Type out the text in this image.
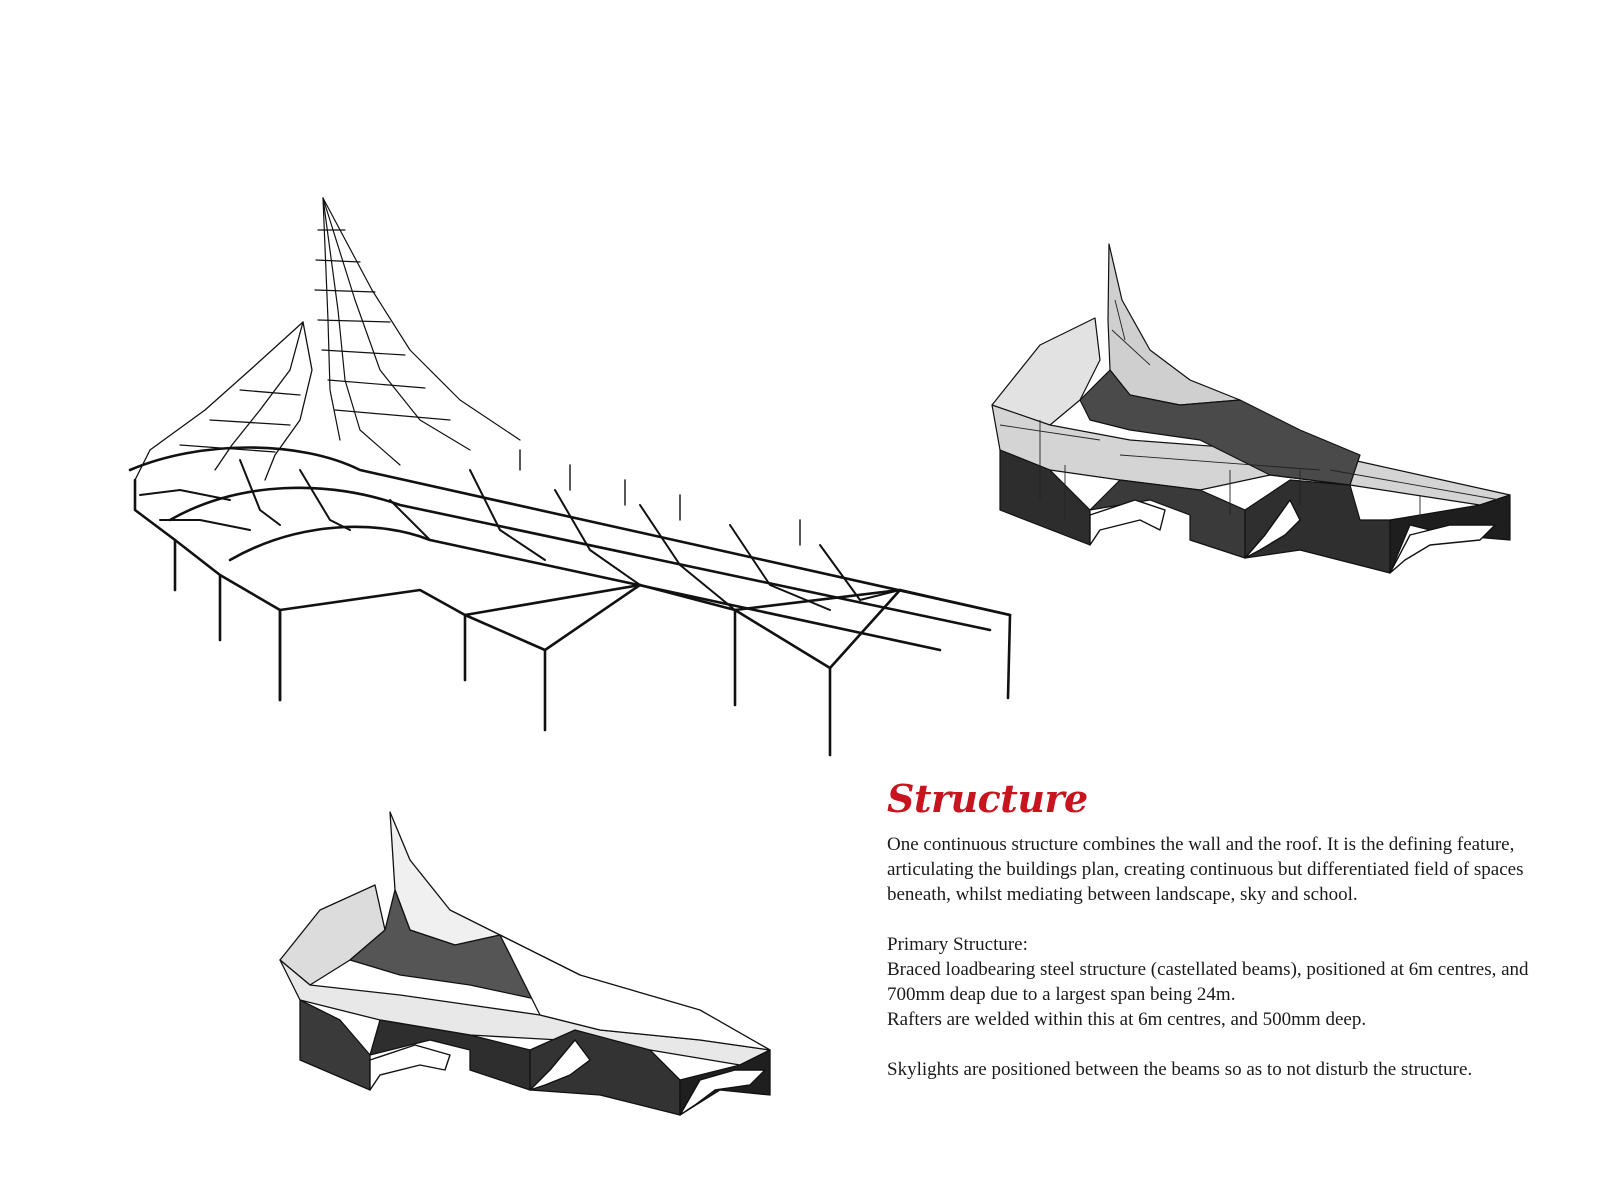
Structure

One continuous structure combines the wall and the roof. It is the defining feature,

articulating the buildings plan, creating continuous but differentiated field of spaces

beneath, whilst mediating between landscape, sky and school.

Primary Structure:

Braced loadbearing steel structure (castellated beams), positioned at 6m centres, and

700mm deap due to a largest span being 24m.

Rafters are welded within this at 6m centres, and 500mm deep.

Skylights are positioned between the beams so as to not disturb the structure.
